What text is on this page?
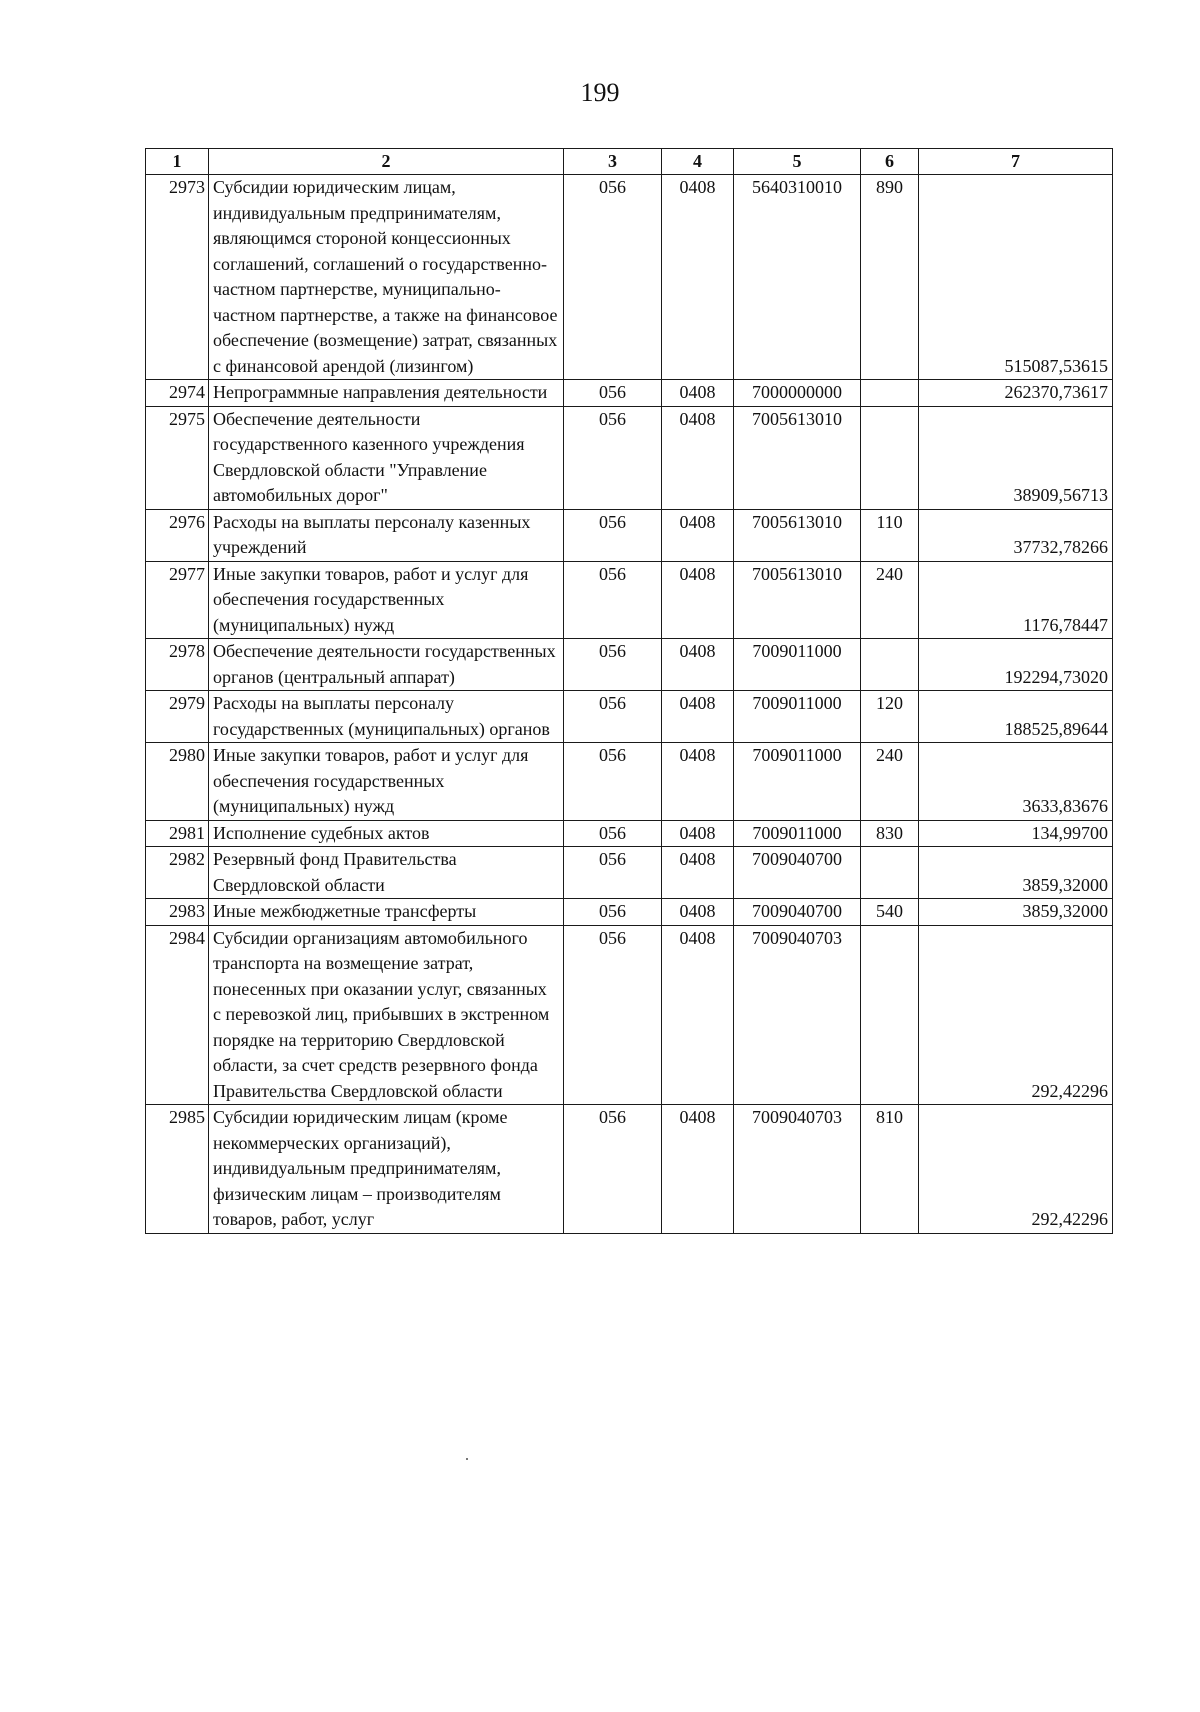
199
1	2	3	4	5	6	7
2973	Субсидии юридическим лицам, индивидуальным предпринимателям, являющимся стороной концессионных соглашений, соглашений о государственно-частном партнерстве, муниципально-частном партнерстве, а также на финансовое обеспечение (возмещение) затрат, связанных с финансовой арендой (лизингом)	056	0408	5640310010	890	515087,53615
2974	Непрограммные направления деятельности	056	0408	7000000000		262370,73617
2975	Обеспечение деятельности государственного казенного учреждения Свердловской области "Управление автомобильных дорог"	056	0408	7005613010		38909,56713
2976	Расходы на выплаты персоналу казенных учреждений	056	0408	7005613010	110	37732,78266
2977	Иные закупки товаров, работ и услуг для обеспечения государственных (муниципальных) нужд	056	0408	7005613010	240	1176,78447
2978	Обеспечение деятельности государственных органов (центральный аппарат)	056	0408	7009011000		192294,73020
2979	Расходы на выплаты персоналу государственных (муниципальных) органов	056	0408	7009011000	120	188525,89644
2980	Иные закупки товаров, работ и услуг для обеспечения государственных (муниципальных) нужд	056	0408	7009011000	240	3633,83676
2981	Исполнение судебных актов	056	0408	7009011000	830	134,99700
2982	Резервный фонд Правительства Свердловской области	056	0408	7009040700		3859,32000
2983	Иные межбюджетные трансферты	056	0408	7009040700	540	3859,32000
2984	Субсидии организациям автомобильного транспорта на возмещение затрат, понесенных при оказании услуг, связанных с перевозкой лиц, прибывших в экстренном порядке на территорию Свердловской области, за счет средств резервного фонда Правительства Свердловской области	056	0408	7009040703		292,42296
2985	Субсидии юридическим лицам (кроме некоммерческих организаций), индивидуальным предпринимателям, физическим лицам – производителям товаров, работ, услуг	056	0408	7009040703	810	292,42296
